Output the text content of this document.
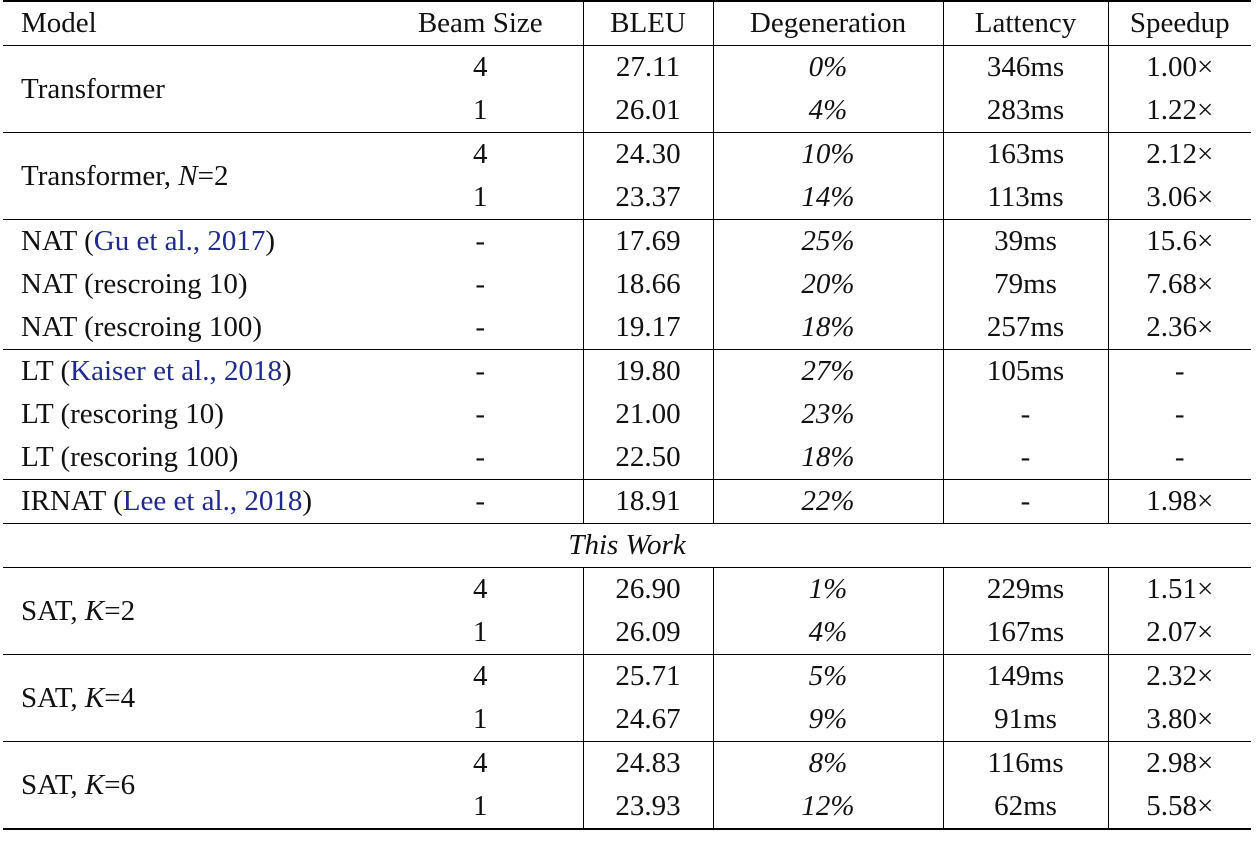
Model	Beam Size	BLEU	Degeneration	Lattency	Speedup
Transformer	4	27.11	0%	346ms	1.00×
	1	26.01	4%	283ms	1.22×
Transformer, N=2	4	24.30	10%	163ms	2.12×
	1	23.37	14%	113ms	3.06×
NAT (Gu et al., 2017)	-	17.69	25%	39ms	15.6×
NAT (rescroing 10)	-	18.66	20%	79ms	7.68×
NAT (rescroing 100)	-	19.17	18%	257ms	2.36×
LT (Kaiser et al., 2018)	-	19.80	27%	105ms	-
LT (rescoring 10)	-	21.00	23%	-	-
LT (rescoring 100)	-	22.50	18%	-	-
IRNAT (Lee et al., 2018)	-	18.91	22%	-	1.98×
This Work					
SAT, K=2	4	26.90	1%	229ms	1.51×
	1	26.09	4%	167ms	2.07×
SAT, K=4	4	25.71	5%	149ms	2.32×
	1	24.67	9%	91ms	3.80×
SAT, K=6	4	24.83	8%	116ms	2.98×
	1	23.93	12%	62ms	5.58×
